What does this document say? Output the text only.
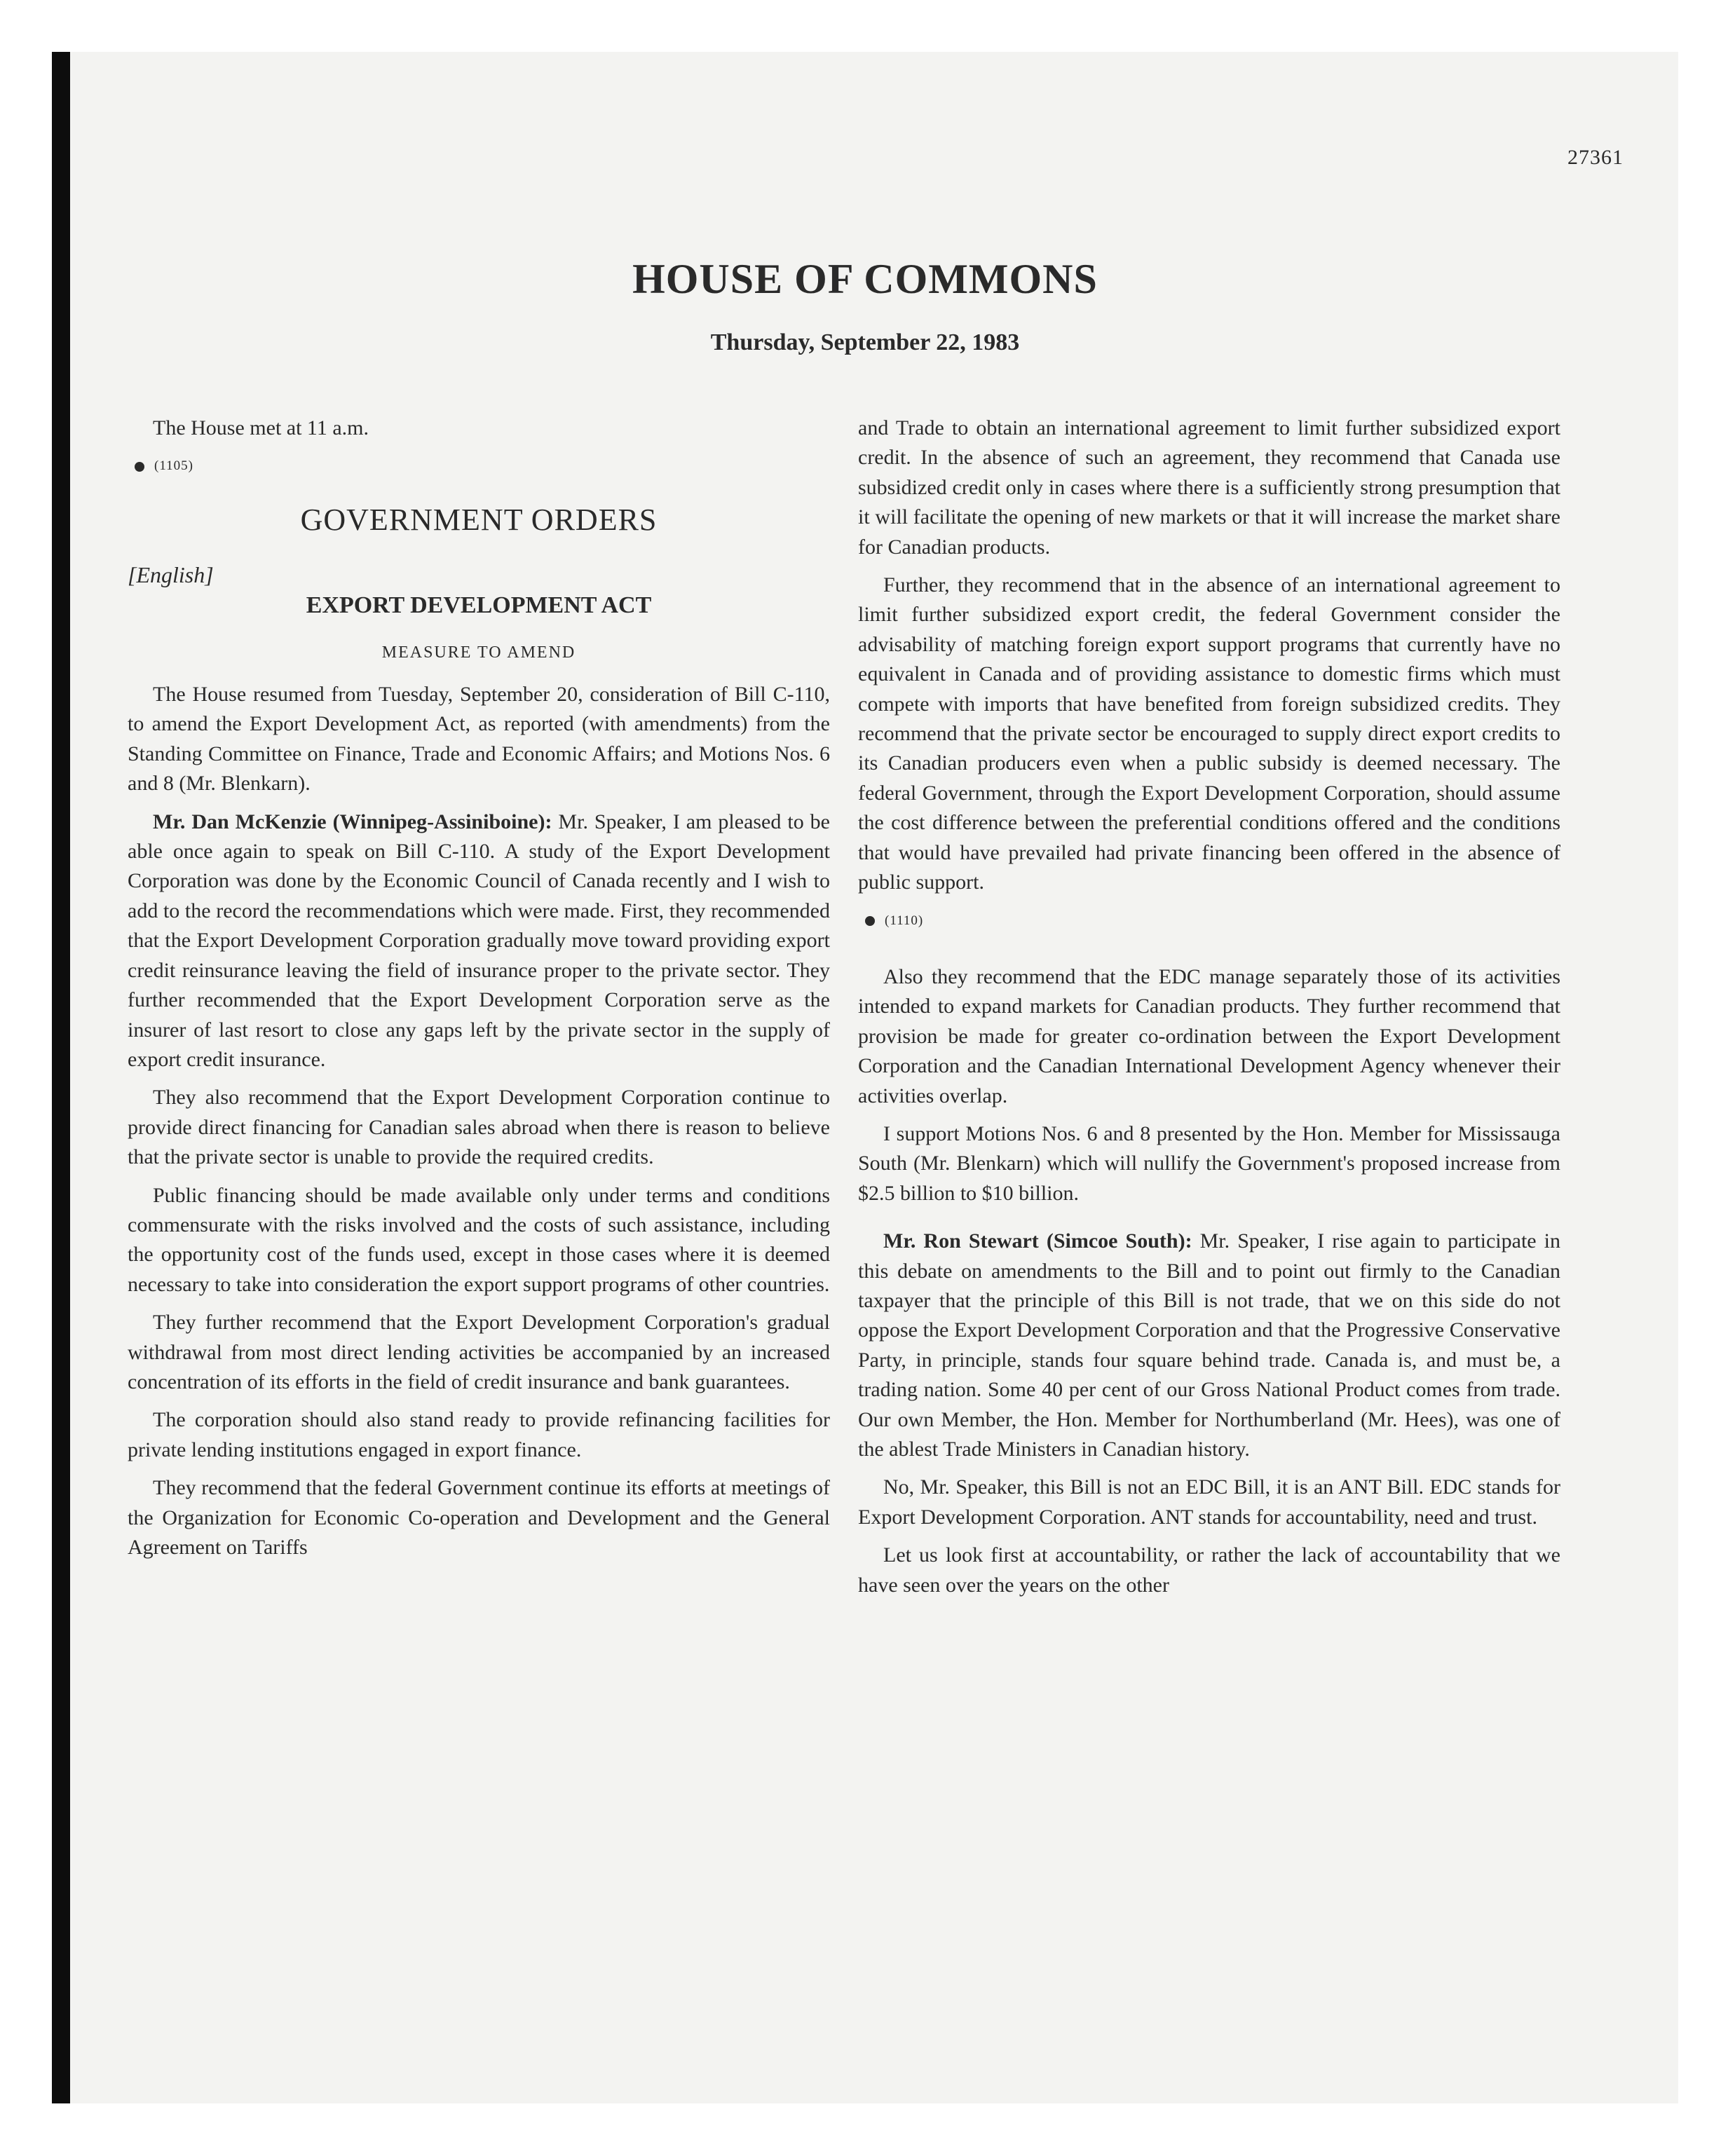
27361
HOUSE OF COMMONS
Thursday, September 22, 1983

The House met at 11 a.m.

(1105)
GOVERNMENT ORDERS
[English]
EXPORT DEVELOPMENT ACT
MEASURE TO AMEND

The House resumed from Tuesday, September 20, consideration of Bill C-110, to amend the Export Development Act, as reported (with amendments) from the Standing Committee on Finance, Trade and Economic Affairs; and Motions Nos. 6 and 8 (Mr. Blenkarn).

Mr. Dan McKenzie (Winnipeg-Assiniboine): Mr. Speaker, I am pleased to be able once again to speak on Bill C-110. A study of the Export Development Corporation was done by the Economic Council of Canada recently and I wish to add to the record the recommendations which were made. First, they recommended that the Export Development Corporation gradually move toward providing export credit reinsurance leaving the field of insurance proper to the private sector. They further recommended that the Export Development Corporation serve as the insurer of last resort to close any gaps left by the private sector in the supply of export credit insurance.

They also recommend that the Export Development Corporation continue to provide direct financing for Canadian sales abroad when there is reason to believe that the private sector is unable to provide the required credits.

Public financing should be made available only under terms and conditions commensurate with the risks involved and the costs of such assistance, including the opportunity cost of the funds used, except in those cases where it is deemed necessary to take into consideration the export support programs of other countries.

They further recommend that the Export Development Corporation's gradual withdrawal from most direct lending activities be accompanied by an increased concentration of its efforts in the field of credit insurance and bank guarantees.

The corporation should also stand ready to provide refinancing facilities for private lending institutions engaged in export finance.

They recommend that the federal Government continue its efforts at meetings of the Organization for Economic Co-operation and Development and the General Agreement on Tariffs

and Trade to obtain an international agreement to limit further subsidized export credit. In the absence of such an agreement, they recommend that Canada use subsidized credit only in cases where there is a sufficiently strong presumption that it will facilitate the opening of new markets or that it will increase the market share for Canadian products.

Further, they recommend that in the absence of an international agreement to limit further subsidized export credit, the federal Government consider the advisability of matching foreign export support programs that currently have no equivalent in Canada and of providing assistance to domestic firms which must compete with imports that have benefited from foreign subsidized credits. They recommend that the private sector be encouraged to supply direct export credits to its Canadian producers even when a public subsidy is deemed necessary. The federal Government, through the Export Development Corporation, should assume the cost difference between the preferential conditions offered and the conditions that would have prevailed had private financing been offered in the absence of public support.

(1110)

Also they recommend that the EDC manage separately those of its activities intended to expand markets for Canadian products. They further recommend that provision be made for greater co-ordination between the Export Development Corporation and the Canadian International Development Agency whenever their activities overlap.

I support Motions Nos. 6 and 8 presented by the Hon. Member for Mississauga South (Mr. Blenkarn) which will nullify the Government's proposed increase from $2.5 billion to $10 billion.

Mr. Ron Stewart (Simcoe South): Mr. Speaker, I rise again to participate in this debate on amendments to the Bill and to point out firmly to the Canadian taxpayer that the principle of this Bill is not trade, that we on this side do not oppose the Export Development Corporation and that the Progressive Conservative Party, in principle, stands four square behind trade. Canada is, and must be, a trading nation. Some 40 per cent of our Gross National Product comes from trade. Our own Member, the Hon. Member for Northumberland (Mr. Hees), was one of the ablest Trade Ministers in Canadian history.

No, Mr. Speaker, this Bill is not an EDC Bill, it is an ANT Bill. EDC stands for Export Development Corporation. ANT stands for accountability, need and trust.

Let us look first at accountability, or rather the lack of accountability that we have seen over the years on the other
